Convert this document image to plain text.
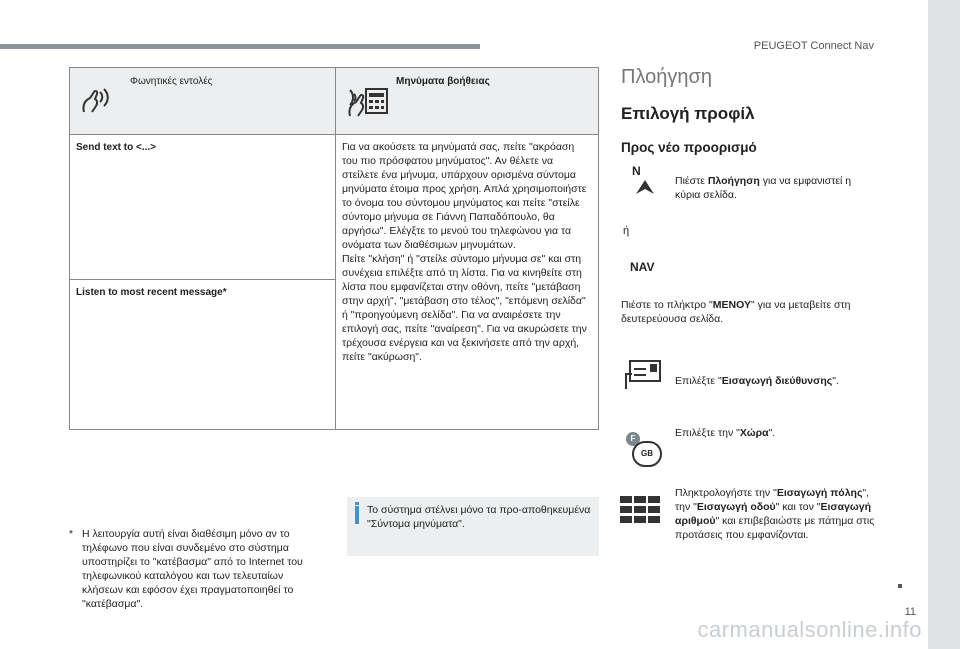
PEUGEOT Connect Nav
11
carmanualsonline.info
Φωνητικές εντολές	Μηνύματα βοήθειας

Send text to <...>	Για να ακούσετε τα μηνύματά σας, πείτε "ακρόαση του πιο πρόσφατου μηνύματος". Αν θέλετε να στείλετε ένα μήνυμα, υπάρχουν ορισμένα σύντομα μηνύματα έτοιμα προς χρήση. Απλά χρησιμοποιήστε το όνομα του σύντομου μηνύματος και πείτε "στείλε σύντομο μήνυμα σε Γιάννη Παπαδόπουλο, θα αργήσω". Ελέγξτε το μενού του τηλεφώνου για τα ονόματα των διαθέσιμων μηνυμάτων.
Πείτε "κλήση" ή "στείλε σύντομο μήνυμα σε" και στη συνέχεια επιλέξτε από τη λίστα. Για να κινηθείτε στη λίστα που εμφανίζεται στην οθόνη, πείτε "μετάβαση στην αρχή", "μετάβαση στο τέλος", "επόμενη σελίδα" ή "προηγούμενη σελίδα". Για να αναιρέσετε την επιλογή σας, πείτε "αναίρεση". Για να ακυρώσετε την τρέχουσα ενέργεια και να ξεκινήσετε από την αρχή, πείτε "ακύρωση".
Listen to most recent message*	
* Η λειτουργία αυτή είναι διαθέσιμη μόνο αν το τηλέφωνο που είναι συνδεμένο στο σύστημα υποστηρίζει το "κατέβασμα" από το Internet του τηλεφωνικού καταλόγου και των τελευταίων κλήσεων και εφόσον έχει πραγματοποιηθεί το "κατέβασμα".
Το σύστημα στέλνει μόνο τα προ-αποθηκευμένα "Σύντομα μηνύματα".
Πλοήγηση
Επιλογή προφίλ
Προς νέο προορισμό
N
Πιέστε Πλοήγηση για να εμφανιστεί η κύρια σελίδα.
ή
NAV
Πιέστε το πλήκτρο "ΜΕΝΟΥ" για να μεταβείτε στη δευτερεύουσα σελίδα.
Επιλέξτε "Εισαγωγή διεύθυνσης".
F
GB
Επιλέξτε την "Χώρα".
Πληκτρολογήστε την "Εισαγωγή πόλης", την "Εισαγωγή οδού" και τον "Εισαγωγή αριθμού" και επιβεβαιώστε με πάτημα στις προτάσεις που εμφανίζονται.
